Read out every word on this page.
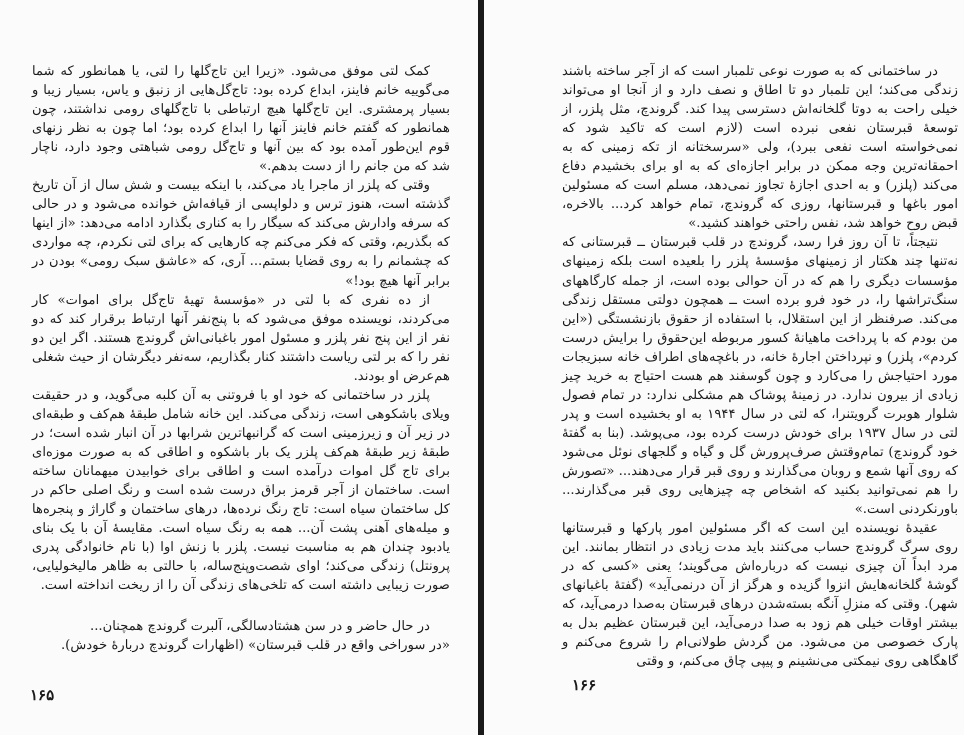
کمک لتی موفق می‌شود. «زیرا این تاج‌گلها را لتی، یا همانطور که شما می‌گوییه خانم فاینز، ابداع کرده بود: تاج‌گل‌هایی از زنبق و یاس، بسیار زیبا و بسیار پرمشتری. این تاج‌گلها هیچ ارتباطی با تاج‌گلهای رومی نداشتند، چون همانطور که گفتم خانم فاینز آنها را ابداع کرده بود؛ اما چون به نظر زنهای قوم این‌طور آمده بود که بین آنها و تاج‌گل رومی شباهتی وجود دارد، ناچار شد که من جانم را از دست بدهم.»

وقتی که پلزر از ماجرا یاد می‌کند، با اینکه بیست و شش سال از آن تاریخ گذشته است، هنوز ترس و دلواپسی از قیافه‌اش خوانده می‌شود و در حالی که سرفه وادارش می‌کند که سیگار را به کناری بگذارد ادامه می‌دهد: «از اینها که بگذریم، وقتی که فکر می‌کنم چه کارهایی که برای لتی نکردم، چه موارد‌ی که چشمانم را به روی قضایا بستم... آری، که «عاشق سبک رومی» بودن در برابر آنها هیچ بود!»

از ده نفری که با لتی در «مؤسسهٔ تهیهٔ تاج‌گل برای اموات» کار می‌کردند، نویسنده موفق می‌شود که با پنج‌نفر آنها ارتباط برقرار کند که دو نفر از این پنج نفر پلزر و مسئول امور باغبانی‌اش گروندچ هستند. اگر این دو نفر را که بر لتی ریاست داشتند کنار بگذاریم، سه‌نفر دیگرشان از حیث شغلی هم‌عرض او بودند.

پلزر در ساختمانی که خود او با فروتنی به آن کلبه می‌گوید، و در حقیقت ویلای باشکوهی است، زندگی می‌کند. این خانه شامل طبقهٔ هم‌کف و طبقه‌ای در زیر آن و زیرزمینی است که گرانبهاترین شرابها در آن انبار شده است؛ در طبقهٔ زیر طبقهٔ هم‌کف پلزر یک بار باشکوه و اطاقی که به صورت موزه‌ای برای تاج گل اموات درآمده است و اطاقی برای خوابیدن میهمانان ساخته است. ساختمان از آجر قرمز براق درست شده است و رنگ اصلی حاکم در کل ساختمان سیاه است: تاج رنگ نرده‌ها، درهای ساختمان و گاراژ و پنجره‌ها و میله‌های آهنی پشت آن... همه به رنگ سیاه است. مقایسهٔ آن با یک بنای یادبود چندان هم به مناسبت نیست. پلزر با زنش اوا (با نام خانوادگی پدری پرونتل) زندگی می‌کند؛ اوای شصت‌وپنج‌ساله، با حالتی به ظاهر مالیخولیایی، صورت زیبایی داشته است که تلخی‌های زندگی آن را از ریخت انداخته است.

در حال حاضر و در سن هشتادسالگی، آلبرت گروندچ همچنان...

«در سوراخی واقع در قلب قبرستان» (اظهارات گروندچ دربارهٔ خودش).

۱۶۵

در ساختمانی که به صورت نوعی تلمبار است که از آجر ساخته باشند زندگی می‌کند؛ این تلمبار دو تا اطاق و نصف دارد و از آنجا او می‌تواند خیلی راحت به دوتا گلخانه‌اش دسترسی پیدا کند. گروندچ، مثل پلزر، از توسعهٔ قبرستان نفعی نبرده است (لازم است که تاکید شود که نمی‌خواسته است نفعی ببرد)، ولی «سرسختانه از تکه زمینی که به احمقانه‌ترین وجه ممکن در برابر اجازه‌ای که به او برای بخشیدم دفاع می‌کند (پلزر) و به احدی اجازهٔ تجاوز نمی‌دهد، مسلم است که مسئولین امور باغها و قبرستانها، روزی که گروندچ، تمام خواهد کرد... بالاخره، قبض روح خواهد شد، نفس راحتی خواهند کشید.»

نتیجتاً، تا آن روز فرا رسد، گروندچ در قلب قبرستان ــ قبرستانی که نه‌تنها چند هکتار از زمینهای مؤسسهٔ پلزر را بلعیده است بلکه زمینهای مؤسسات دیگری را هم که در آن حوالی بوده است، از جمله کارگاههای سنگ‌تراشها را، در خود فرو برده است ــ همچون دولتی مستقل زندگی می‌کند. صرفنظر از این استقلال، با استفاده از حقوق بازنشستگی («این من بودم که با پرداخت ماهیانهٔ کسور مربوطه این‌حقوق را برایش درست کردم»، پلزر) و نپرداختن اجارهٔ خانه، در باغچه‌های اطراف خانه سبزیجات مورد احتیاجش را می‌کارد و چون گوسفند هم هست احتیاج به خرید چیز زیادی از بیرون ندارد. در زمینهٔ پوشاک هم مشکلی ندارد: در تمام فصول شلوار هوبرت گرویتنرا، که لتی در سال ۱۹۴۴ به او بخشیده است و پدر لتی در سال ۱۹۳۷ برای خودش درست کرده بود، می‌پوشد. (بنا به گفتهٔ خود گروندچ) تمام‌وقتش صرف‌پرورش گل و گیاه و گلجهای نوئل می‌شود که روی آنها شمع و روبان می‌گذارند و روی قبر قرار می‌دهند... «تصورش را هم نمی‌توانید بکنید که اشخاص چه چیزهایی روی قبر می‌گذارند... باورنکردنی است.»

عقیدهٔ نویسنده این است که اگر مسئولین امور پارکها و قبرستانها روی سرگ گروندچ حساب می‌کنند باید مدت زیادی در انتظار بمانند. این مرد ابداً آن چیزی نیست که درباره‌اش می‌گویند؛ یعنی «کسی که در گوشهٔ گلخانه‌هایش انزوا گزیده و هرگز از آن درنمی‌آید» (گفتهٔ باغبانهای شهر). وقتی که منزلِ آنگه بسته‌شدن درهای قبرستان به‌صدا درمی‌آید، که بیشتر اوقات خیلی هم زود به صدا درمی‌آید، این قبرستان عظیم بدل به پارک خصوصی من می‌شود. من گردش طولانی‌ام را شروع می‌کنم و گاهگاهی روی نیمکتی می‌نشینم و پیپی چاق می‌کنم، و وقتی

۱۶۶
